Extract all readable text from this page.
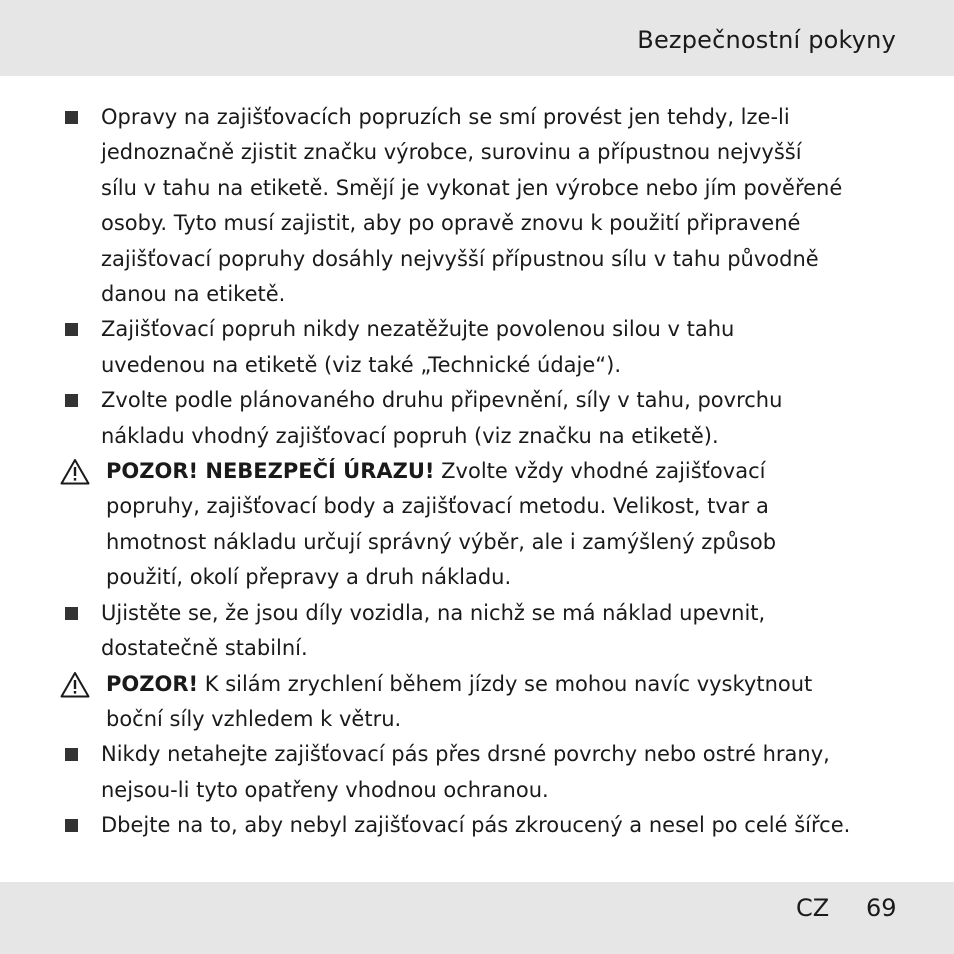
Bezpečnostní pokyny
Opravy na zajišťovacích popruzích se smí provést jen tehdy, lze-li
jednoznačně zjistit značku výrobce, surovinu a přípustnou nejvyšší
sílu v tahu na etiketě. Smějí je vykonat jen výrobce nebo jím pověřené
osoby. Tyto musí zajistit, aby po opravě znovu k použití připravené
zajišťovací popruhy dosáhly nejvyšší přípustnou sílu v tahu původně
danou na etiketě.
Zajišťovací popruh nikdy nezatěžujte povolenou silou v tahu
uvedenou na etiketě (viz také „Technické údaje“).
Zvolte podle plánovaného druhu připevnění, síly v tahu, povrchu
nákladu vhodný zajišťovací popruh (viz značku na etiketě).
POZOR! NEBEZPEČÍ ÚRAZU! Zvolte vždy vhodné zajišťovací
popruhy, zajišťovací body a zajišťovací metodu. Velikost, tvar a
hmotnost nákladu určují správný výběr, ale i zamýšlený způsob
použití, okolí přepravy a druh nákladu.
Ujistěte se, že jsou díly vozidla, na nichž se má náklad upevnit,
dostatečně stabilní.
POZOR! K silám zrychlení během jízdy se mohou navíc vyskytnout
boční síly vzhledem k větru.
Nikdy netahejte zajišťovací pás přes drsné povrchy nebo ostré hrany,
nejsou-li tyto opatřeny vhodnou ochranou.
Dbejte na to, aby nebyl zajišťovací pás zkroucený a nesel po celé šířce.
CZ 69
